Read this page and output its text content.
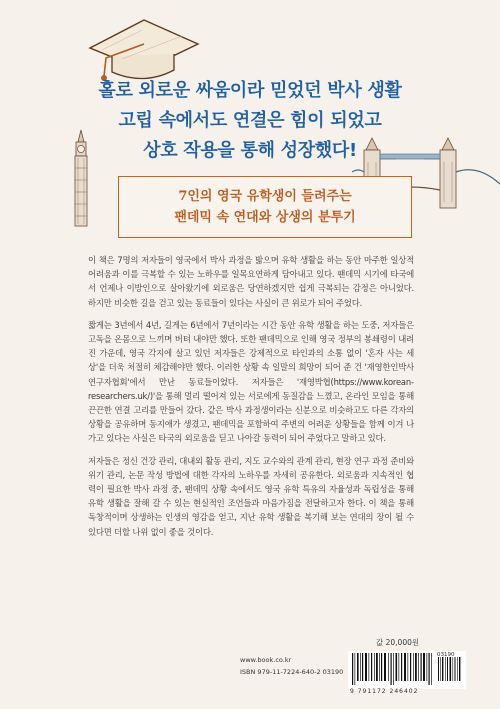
홀로 외로운 싸움이라 믿었던 박사 생활
고립 속에서도 연결은 힘이 되었고
상호 작용을 통해 성장했다!
7인의 영국 유학생이 들려주는
팬데믹 속 연대와 상생의 분투기

이 책은 7명의 저자들이 영국에서 박사 과정을 밟으며 유학 생활을 하는 동안 마주한 일상적 어려움과 이를 극복할 수 있는 노하우를 일목요연하게 담아내고 있다. 팬데믹 시기에 타국에서 언제나 이방인으로 살아왔기에 외로움은 당연하겠지만 쉽게 극복되는 감정은 아니었다. 하지만 비슷한 길을 걷고 있는 동료들이 있다는 사실이 큰 위로가 되어 주었다.

짧게는 3년에서 4년, 길게는 6년에서 7년이라는 시간 동안 유학 생활을 하는 도중, 저자들은 고독을 온몸으로 느끼며 버텨 내야만 했다. 또한 팬데믹으로 인해 영국 정부의 봉쇄령이 내려진 가운데, 영국 각지에 살고 있던 저자들은 강제적으로 타인과의 소통 없이 '혼자 사는 세상'을 더욱 처절히 체감해야만 했다. 이러한 상황 속 일말의 희망이 되어 준 건 '재영한인박사연구자협회'에서 만난 동료들이었다. 저자들은 '재영박협(https://www.koreanresearchers.uk/)'을 통해 멀리 떨어져 있는 서로에게 동질감을 느꼈고, 온라인 모임을 통해 끈끈한 연결 고리를 만들어 갔다. 같은 박사 과정생이라는 신분으로 비슷하고도 다른 각자의 상황을 공유하며 동지애가 생겼고, 팬데믹을 포함하여 주변의 어려운 상황들을 함께 이겨 나가고 있다는 사실은 타국의 외로움을 딛고 나아갈 동력이 되어 주었다고 말하고 있다.

저자들은 정신 건강 관리, 대내외 활동 관리, 지도 교수와의 관계 관리, 현장 연구 과정 준비와 위기 관리, 논문 작성 방법에 대한 각자의 노하우를 자세히 공유한다. 외로움과 지속적인 협력이 필요한 박사 과정 중, 팬데믹 상황 속에서도 영국 유학 특유의 자율성과 독립성을 통해 유학 생활을 잘해 갈 수 있는 현실적인 조언들과 마음가짐을 전달하고자 한다. 이 책을 통해 독창적이며 상생하는 인생의 영감을 얻고, 지난 유학 생활을 복기해 보는 연대의 장이 될 수 있다면 더할 나위 없이 좋을 것이다.

값 20,000원
www.book.co.kr
ISBN 979-11-7224-640-2 03190
03190
9 791172 246402
